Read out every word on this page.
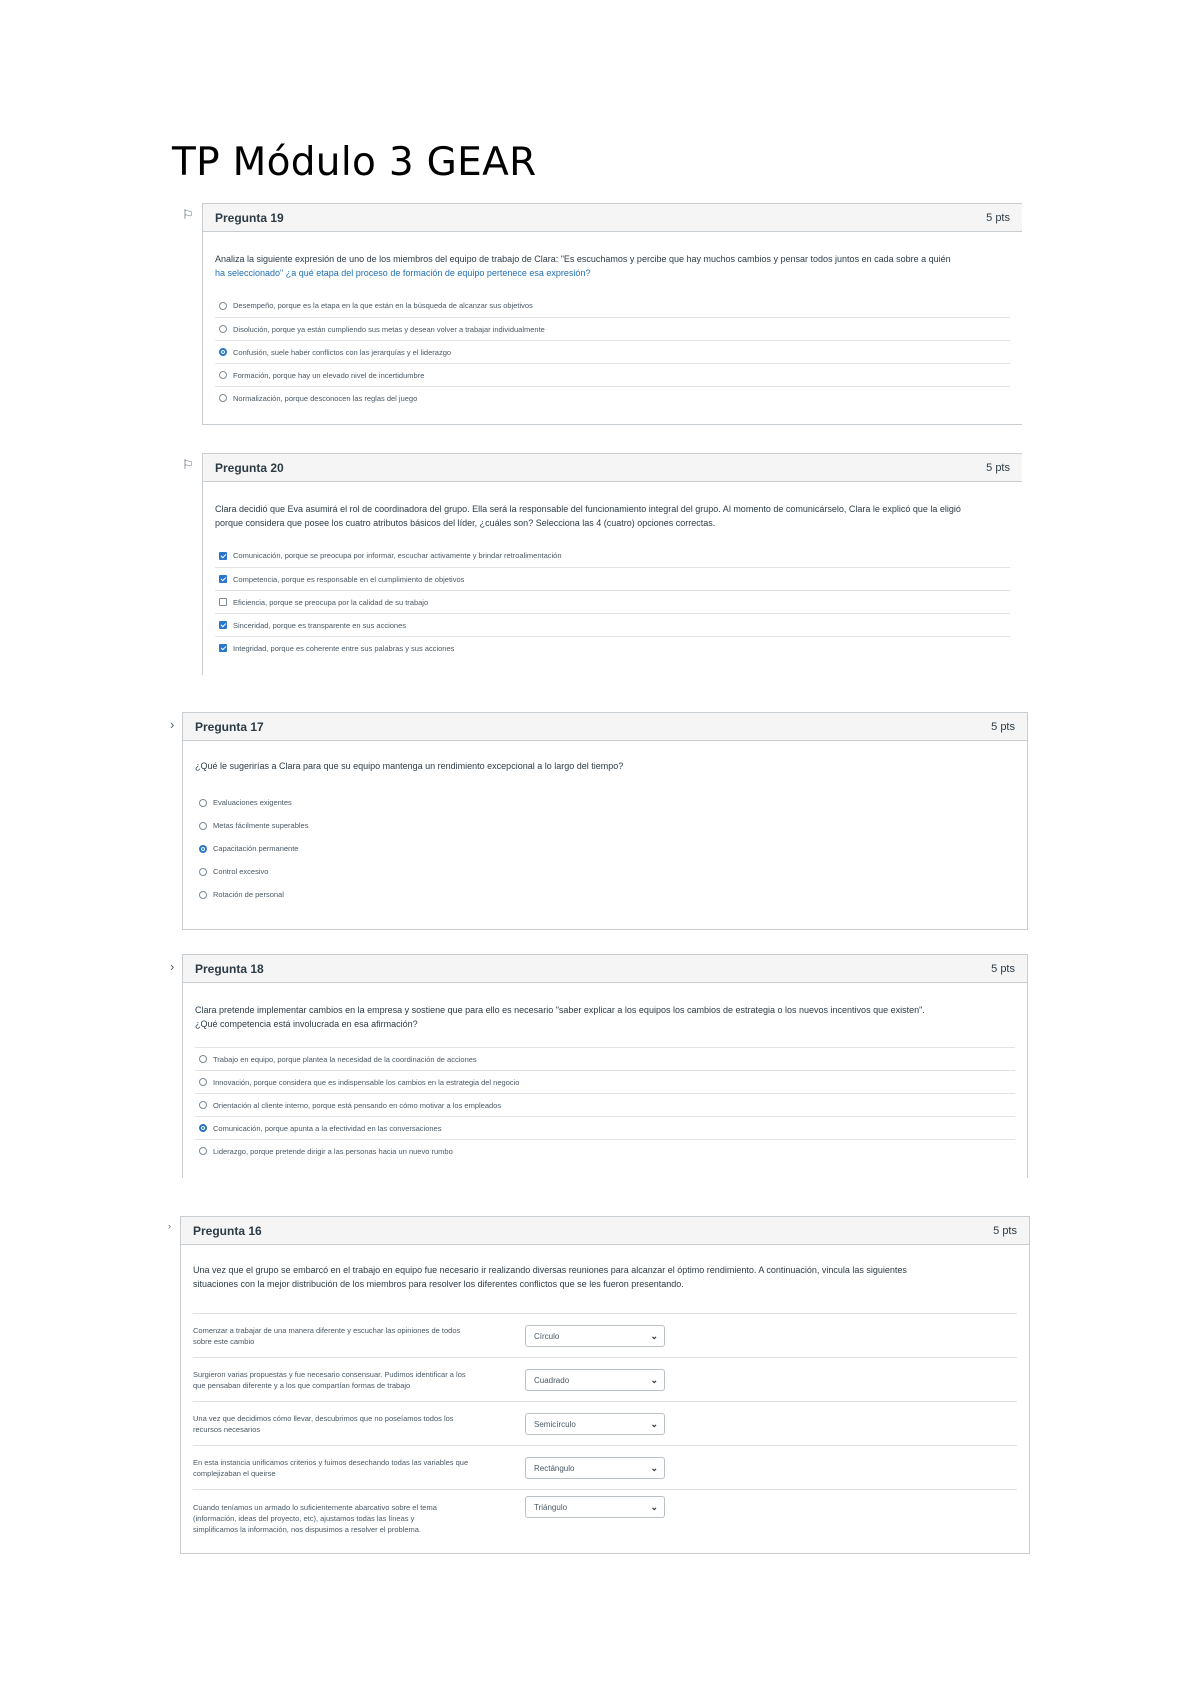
TP Módulo 3 GEAR
⚐ Pregunta 19	5 pts
Analiza la siguiente expresión de uno de los miembros del equipo de trabajo de Clara: "Es escuchamos y percibe que hay muchos cambios y pensar todos juntos en cada sobre a quién
ha seleccionado" ¿a qué etapa del proceso de formación de equipo pertenece esa expresión?
Desempeño, porque es la etapa en la que están en la búsqueda de alcanzar sus objetivos
Disolución, porque ya están cumpliendo sus metas y desean volver a trabajar individualmente
Confusión, suele haber conflictos con las jerarquías y el liderazgo
Formación, porque hay un elevado nivel de incertidumbre
Normalización, porque desconocen las reglas del juego
⚐ Pregunta 20	5 pts
Clara decidió que Eva asumirá el rol de coordinadora del grupo. Ella será la responsable del funcionamiento integral del grupo. Al momento de comunicárselo, Clara le explicó que la eligió
porque considera que posee los cuatro atributos básicos del líder, ¿cuáles son? Selecciona las 4 (cuatro) opciones correctas.
Comunicación, porque se preocupa por informar, escuchar activamente y brindar retroalimentación
Competencia, porque es responsable en el cumplimiento de objetivos
Eficiencia, porque se preocupa por la calidad de su trabajo
Sinceridad, porque es transparente en sus acciones
Integridad, porque es coherente entre sus palabras y sus acciones
› Pregunta 17	5 pts
¿Qué le sugerirías a Clara para que su equipo mantenga un rendimiento excepcional a lo largo del tiempo?
Evaluaciones exigentes
Metas fácilmente superables
Capacitación permanente
Control excesivo
Rotación de personal
› Pregunta 18	5 pts
Clara pretende implementar cambios en la empresa y sostiene que para ello es necesario "saber explicar a los equipos los cambios de estrategia o los nuevos incentivos que existen".
¿Qué competencia está involucrada en esa afirmación?
Trabajo en equipo, porque plantea la necesidad de la coordinación de acciones
Innovación, porque considera que es indispensable los cambios en la estrategia del negocio
Orientación al cliente interno, porque está pensando en cómo motivar a los empleados
Comunicación, porque apunta a la efectividad en las conversaciones
Liderazgo, porque pretende dirigir a las personas hacia un nuevo rumbo
› Pregunta 16	5 pts
Una vez que el grupo se embarcó en el trabajo en equipo fue necesario ir realizando diversas reuniones para alcanzar el óptimo rendimiento. A continuación, vincula las siguientes
situaciones con la mejor distribución de los miembros para resolver los diferentes conflictos que se les fueron presentando.
Comenzar a trabajar de una manera diferente y escuchar las opiniones de todos
sobre este cambio
Círculo	⌄
Surgieron varias propuestas y fue necesario consensuar. Pudimos identificar a los
que pensaban diferente y a los que compartían formas de trabajo
Cuadrado	⌄
Una vez que decidimos cómo llevar, descubrimos que no poseíamos todos los
recursos necesarios
Semicírculo	⌄
En esta instancia unificamos criterios y fuimos desechando todas las variables que
complejizaban el queirse
Rectángulo	⌄
Cuando teníamos un armado lo suficientemente abarcativo sobre el tema
(información, ideas del proyecto, etc), ajustamos todas las líneas y
simplificamos la información, nos dispusimos a resolver el problema.
Triángulo	⌄
